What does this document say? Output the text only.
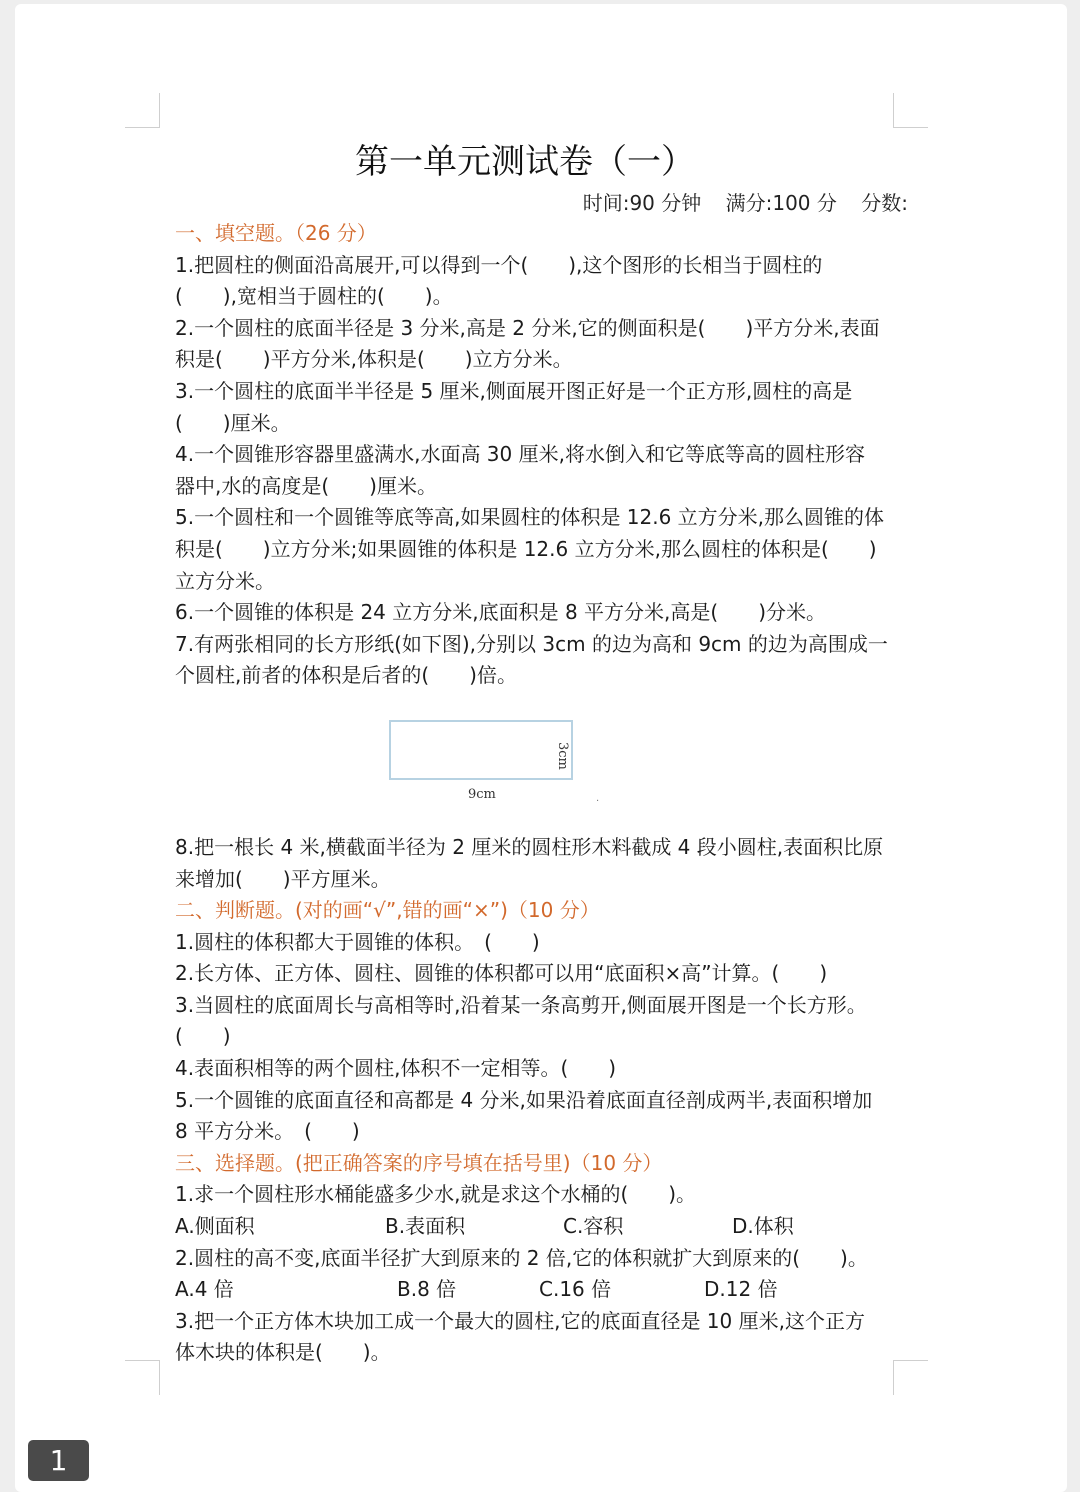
第一单元测试卷（一）
时间:90 分钟 满分:100 分 分数:
一、填空题。（26 分）
1.把圆柱的侧面沿高展开,可以得到一个(　　),这个图形的长相当于圆柱的
(　　),宽相当于圆柱的(　　)。
2.一个圆柱的底面半径是 3 分米,高是 2 分米,它的侧面积是(　　)平方分米,表面
积是(　　)平方分米,体积是(　　)立方分米。
3.一个圆柱的底面半半径是 5 厘米,侧面展开图正好是一个正方形,圆柱的高是
(　　)厘米。
4.一个圆锥形容器里盛满水,水面高 30 厘米,将水倒入和它等底等高的圆柱形容
器中,水的高度是(　　)厘米。
5.一个圆柱和一个圆锥等底等高,如果圆柱的体积是 12.6 立方分米,那么圆锥的体
积是(　　)立方分米;如果圆锥的体积是 12.6 立方分米,那么圆柱的体积是(　　)
立方分米。
6.一个圆锥的体积是 24 立方分米,底面积是 8 平方分米,高是(　　)分米。
7.有两张相同的长方形纸(如下图),分别以 3cm 的边为高和 9cm 的边为高围成一
个圆柱,前者的体积是后者的(　　)倍。
9cm
3cm
·
8.把一根长 4 米,横截面半径为 2 厘米的圆柱形木料截成 4 段小圆柱,表面积比原
来增加(　　)平方厘米。
二、判断题。(对的画“√”,错的画“×”)（10 分）
1.圆柱的体积都大于圆锥的体积。　(　　)
2.长方体、正方体、圆柱、圆锥的体积都可以用“底面积×高”计算。(　　)
3.当圆柱的底面周长与高相等时,沿着某一条高剪开,侧面展开图是一个长方形。
(　　)
4.表面积相等的两个圆柱,体积不一定相等。(　　)
5.一个圆锥的底面直径和高都是 4 分米,如果沿着底面直径剖成两半,表面积增加
8 平方分米。　(　　)
三、选择题。(把正确答案的序号填在括号里)（10 分）
1.求一个圆柱形水桶能盛多少水,就是求这个水桶的(　　)。
A.侧面积	B.表面积	C.容积	D.体积
2.圆柱的高不变,底面半径扩大到原来的 2 倍,它的体积就扩大到原来的(　　)。
A.4 倍	B.8 倍	C.16 倍	D.12 倍
3.把一个正方体木块加工成一个最大的圆柱,它的底面直径是 10 厘米,这个正方
体木块的体积是(　　)。
1
